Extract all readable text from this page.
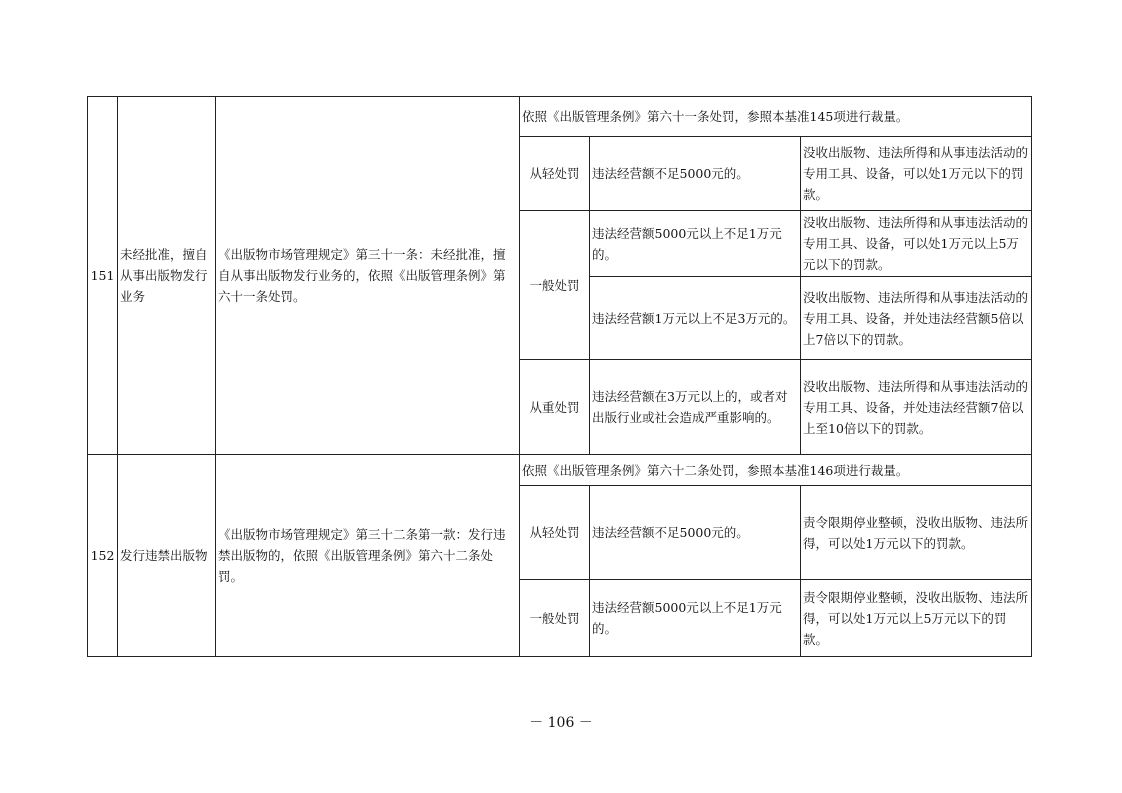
151	未经批准，擅自从事出版物发行业务	《出版物市场管理规定》第三十一条：未经批准，擅自从事出版物发行业务的，依照《出版管理条例》第六十一条处罚。	依照《出版管理条例》第六十一条处罚，参照本基准145项进行裁量。		
			从轻处罚	违法经营额不足5000元的。	没收出版物、违法所得和从事违法活动的专用工具、设备，可以处1万元以下的罚款。
			一般处罚	违法经营额5000元以上不足1万元的。	没收出版物、违法所得和从事违法活动的专用工具、设备，可以处1万元以上5万元以下的罚款。
				违法经营额1万元以上不足3万元的。	没收出版物、违法所得和从事违法活动的专用工具、设备，并处违法经营额5倍以上7倍以下的罚款。
			从重处罚	违法经营额在3万元以上的，或者对出版行业或社会造成严重影响的。	没收出版物、违法所得和从事违法活动的专用工具、设备，并处违法经营额7倍以上至10倍以下的罚款。
152	发行违禁出版物	《出版物市场管理规定》第三十二条第一款：发行违禁出版物的，依照《出版管理条例》第六十二条处罚。	依照《出版管理条例》第六十二条处罚，参照本基准146项进行裁量。		
			从轻处罚	违法经营额不足5000元的。	责令限期停业整顿，没收出版物、违法所得，可以处1万元以下的罚款。
			一般处罚	违法经营额5000元以上不足1万元的。	责令限期停业整顿，没收出版物、违法所得，可以处1万元以上5万元以下的罚款。
－ 106 －
